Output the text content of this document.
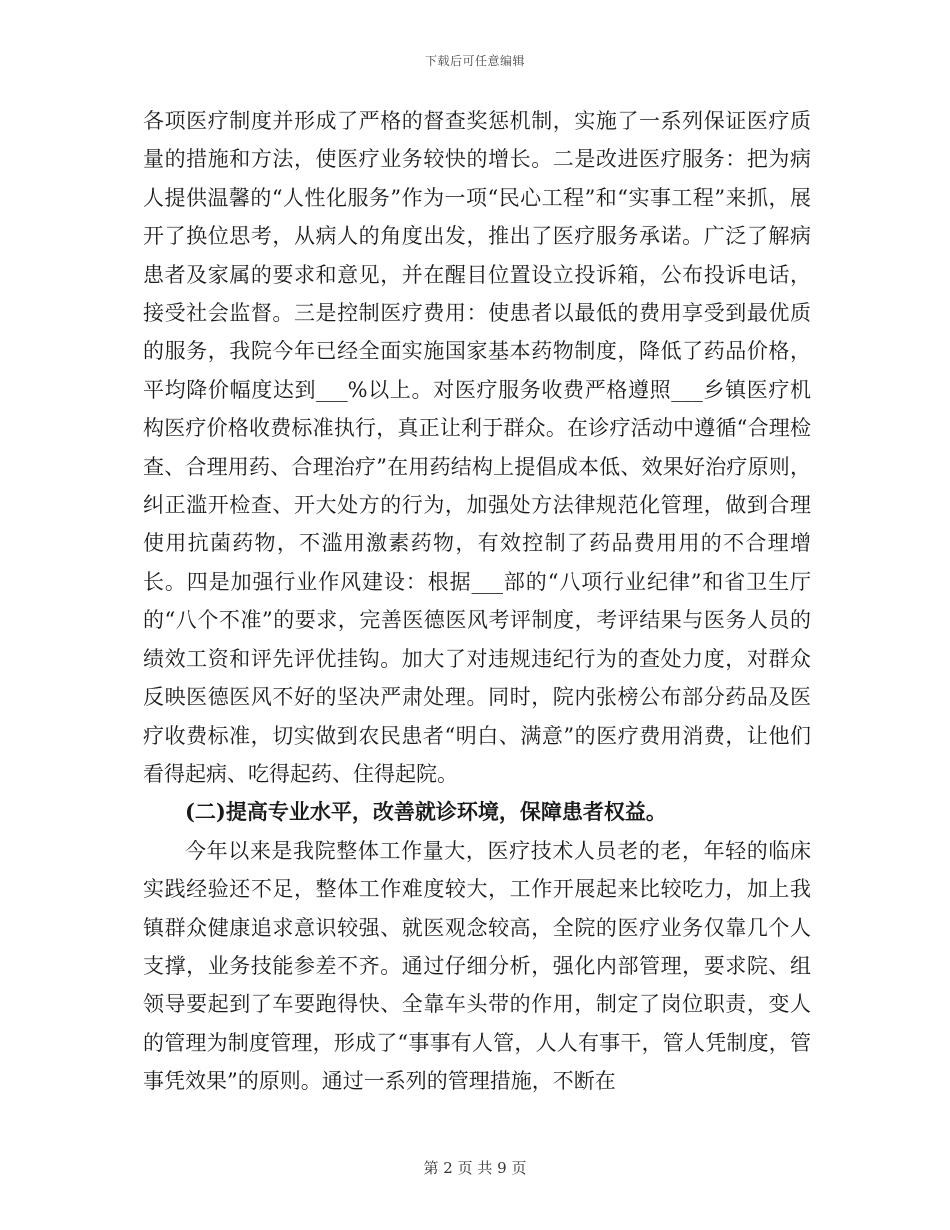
下载后可任意编辑

各项医疗制度并形成了严格的督查奖惩机制，实施了一系列保证医疗质量的措施和方法，使医疗业务较快的增长。二是改进医疗服务：把为病人提供温馨的“人性化服务”作为一项“民心工程”和“实事工程”来抓，展开了换位思考，从病人的角度出发，推出了医疗服务承诺。广泛了解病患者及家属的要求和意见，并在醒目位置设立投诉箱，公布投诉电话，接受社会监督。三是控制医疗费用：使患者以最低的费用享受到最优质的服务，我院今年已经全面实施国家基本药物制度，降低了药品价格，平均降价幅度达到___%以上。对医疗服务收费严格遵照___乡镇医疗机构医疗价格收费标准执行，真正让利于群众。在诊疗活动中遵循“合理检查、合理用药、合理治疗”在用药结构上提倡成本低、效果好治疗原则，纠正滥开检查、开大处方的行为，加强处方法律规范化管理，做到合理使用抗菌药物，不滥用激素药物，有效控制了药品费用用的不合理增长。四是加强行业作风建设：根据___部的“八项行业纪律”和省卫生厅的“八个不准”的要求，完善医德医风考评制度，考评结果与医务人员的绩效工资和评先评优挂钩。加大了对违规违纪行为的查处力度，对群众反映医德医风不好的坚决严肃处理。同时，院内张榜公布部分药品及医疗收费标准，切实做到农民患者“明白、满意”的医疗费用消费，让他们看得起病、吃得起药、住得起院。

(二)提高专业水平，改善就诊环境，保障患者权益。

今年以来是我院整体工作量大，医疗技术人员老的老，年轻的临床实践经验还不足，整体工作难度较大，工作开展起来比较吃力，加上我镇群众健康追求意识较强、就医观念较高，全院的医疗业务仅靠几个人支撑，业务技能参差不齐。通过仔细分析，强化内部管理，要求院、组领导要起到了车要跑得快、全靠车头带的作用，制定了岗位职责，变人的管理为制度管理，形成了“事事有人管，人人有事干，管人凭制度，管事凭效果”的原则。通过一系列的管理措施，不断在

第 2 页 共 9 页
